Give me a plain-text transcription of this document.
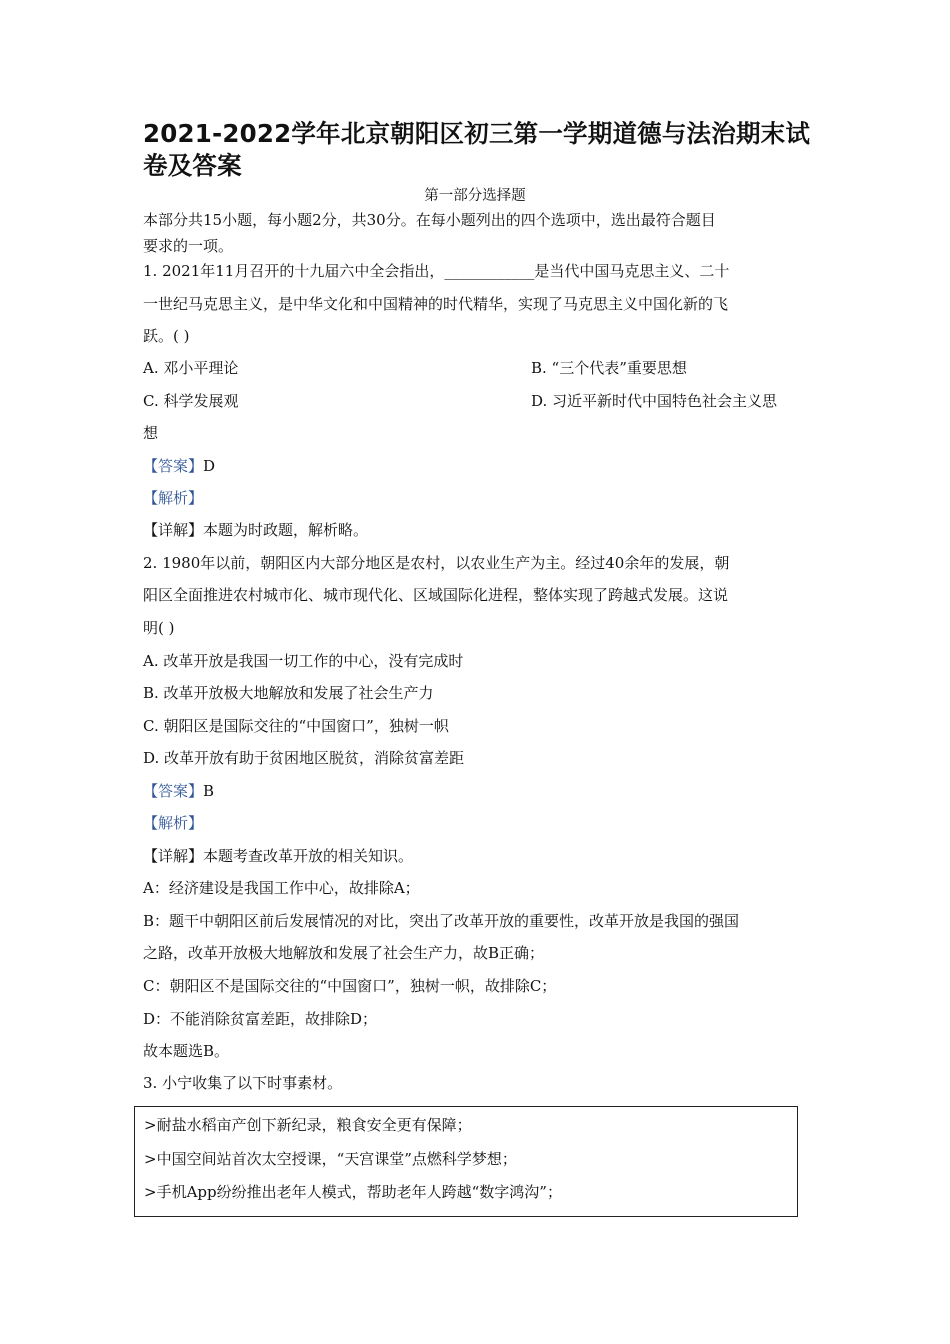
2021-2022学年北京朝阳区初三第一学期道德与法治期末试卷及答案
第一部分选择题
本部分共15小题，每小题2分，共30分。在每小题列出的四个选项中，选出最符合题目
要求的一项。
1. 2021年11月召开的十九届六中全会指出，____________是当代中国马克思主义、二十
一世纪马克思主义，是中华文化和中国精神的时代精华，实现了马克思主义中国化新的飞
跃。( )
A. 邓小平理论	B. “三个代表”重要思想
C. 科学发展观	D. 习近平新时代中国特色社会主义思
想
【答案】D
【解析】
【详解】本题为时政题，解析略。
2. 1980年以前，朝阳区内大部分地区是农村，以农业生产为主。经过40余年的发展，朝
阳区全面推进农村城市化、城市现代化、区域国际化进程，整体实现了跨越式发展。这说
明( )
A. 改革开放是我国一切工作的中心，没有完成时
B. 改革开放极大地解放和发展了社会生产力
C. 朝阳区是国际交往的“中国窗口”，独树一帜
D. 改革开放有助于贫困地区脱贫，消除贫富差距
【答案】B
【解析】
【详解】本题考查改革开放的相关知识。
A：经济建设是我国工作中心，故排除A；
B：题干中朝阳区前后发展情况的对比，突出了改革开放的重要性，改革开放是我国的强国
之路，改革开放极大地解放和发展了社会生产力，故B正确；
C：朝阳区不是国际交往的“中国窗口”，独树一帜，故排除C；
D：不能消除贫富差距，故排除D；
故本题选B。
3. 小宁收集了以下时事素材。
>耐盐水稻亩产创下新纪录，粮食安全更有保障；
>中国空间站首次太空授课，“天宫课堂”点燃科学梦想；
>手机App纷纷推出老年人模式，帮助老年人跨越“数字鸿沟”；
